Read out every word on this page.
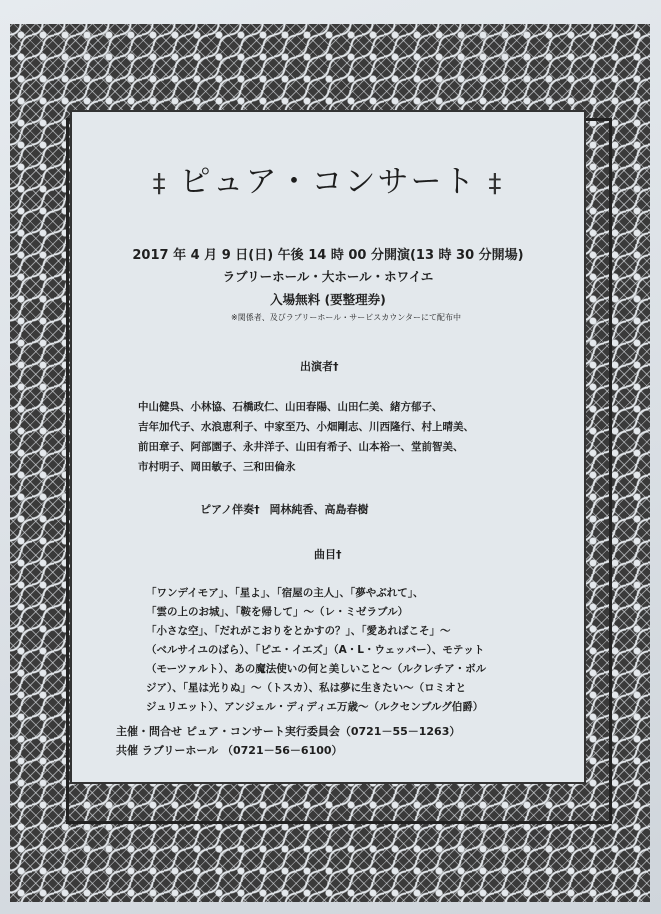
‡ ピュア・コンサート ‡
2017 年 4 月 9 日(日) 午後 14 時 00 分開演(13 時 30 分開場)
ラブリーホール・大ホール・ホワイエ
入場無料 (要整理券)
※関係者、及びラブリーホール・サービスカウンターにて配布中
出演者†
中山健呉、小林協、石橋政仁、山田春陽、山田仁美、緒方郁子、
吉年加代子、水浪恵利子、中家至乃、小畑剛志、川西隆行、村上晴美、
前田章子、阿部園子、永井洋子、山田有希子、山本裕一、堂前智美、
市村明子、岡田敏子、三和田倫永
ピアノ伴奏† 岡林純香、高島春樹
曲目†
「ワンデイモア」、「星よ」、「宿屋の主人」、「夢やぶれて」、
「雲の上のお城」、「鞍を帰して」～（レ・ミゼラブル）
「小さな空」、「だれがこおりをとかすの？」、「愛あればこそ」～
（ベルサイユのばら）、「ピエ・イエズ」（A・L・ウェッバー）、モテット
（モーツァルト）、あの魔法使いの何と美しいこと～（ルクレチア・ボル
ジア）、「星は光りぬ」～（トスカ）、私は夢に生きたい～（ロミオと
ジュリエット）、アンジェル・ディディエ万歳～（ルクセンブルグ伯爵）
主催・問合せ ピュア・コンサート実行委員会（0721－55－1263）
共催 ラブリーホール （0721－56－6100）
